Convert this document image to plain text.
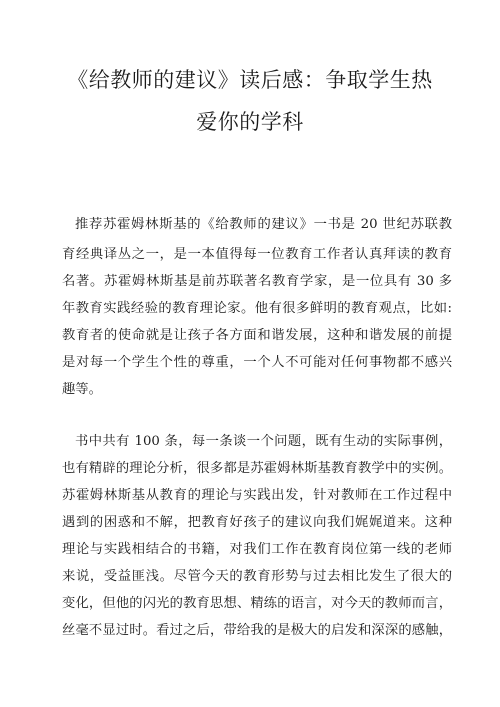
《给教师的建议》读后感：争取学生热
爱你的学科
推荐苏霍姆林斯基的《给教师的建议》一书是 20 世纪苏联教
育经典译丛之一，是一本值得每一位教育工作者认真拜读的教育
名著。苏霍姆林斯基是前苏联著名教育学家，是一位具有 30 多
年教育实践经验的教育理论家。他有很多鲜明的教育观点，比如:
教育者的使命就是让孩子各方面和谐发展，这种和谐发展的前提
是对每一个学生个性的尊重，一个人不可能对任何事物都不感兴
趣等。
书中共有 100 条，每一条谈一个问题，既有生动的实际事例，
也有精辟的理论分析，很多都是苏霍姆林斯基教育教学中的实例。
苏霍姆林斯基从教育的理论与实践出发，针对教师在工作过程中
遇到的困惑和不解，把教育好孩子的建议向我们娓娓道来。这种
理论与实践相结合的书籍，对我们工作在教育岗位第一线的老师
来说，受益匪浅。尽管今天的教育形势与过去相比发生了很大的
变化，但他的闪光的教育思想、精练的语言，对今天的教师而言，
丝毫不显过时。看过之后，带给我的是极大的启发和深深的感触，
